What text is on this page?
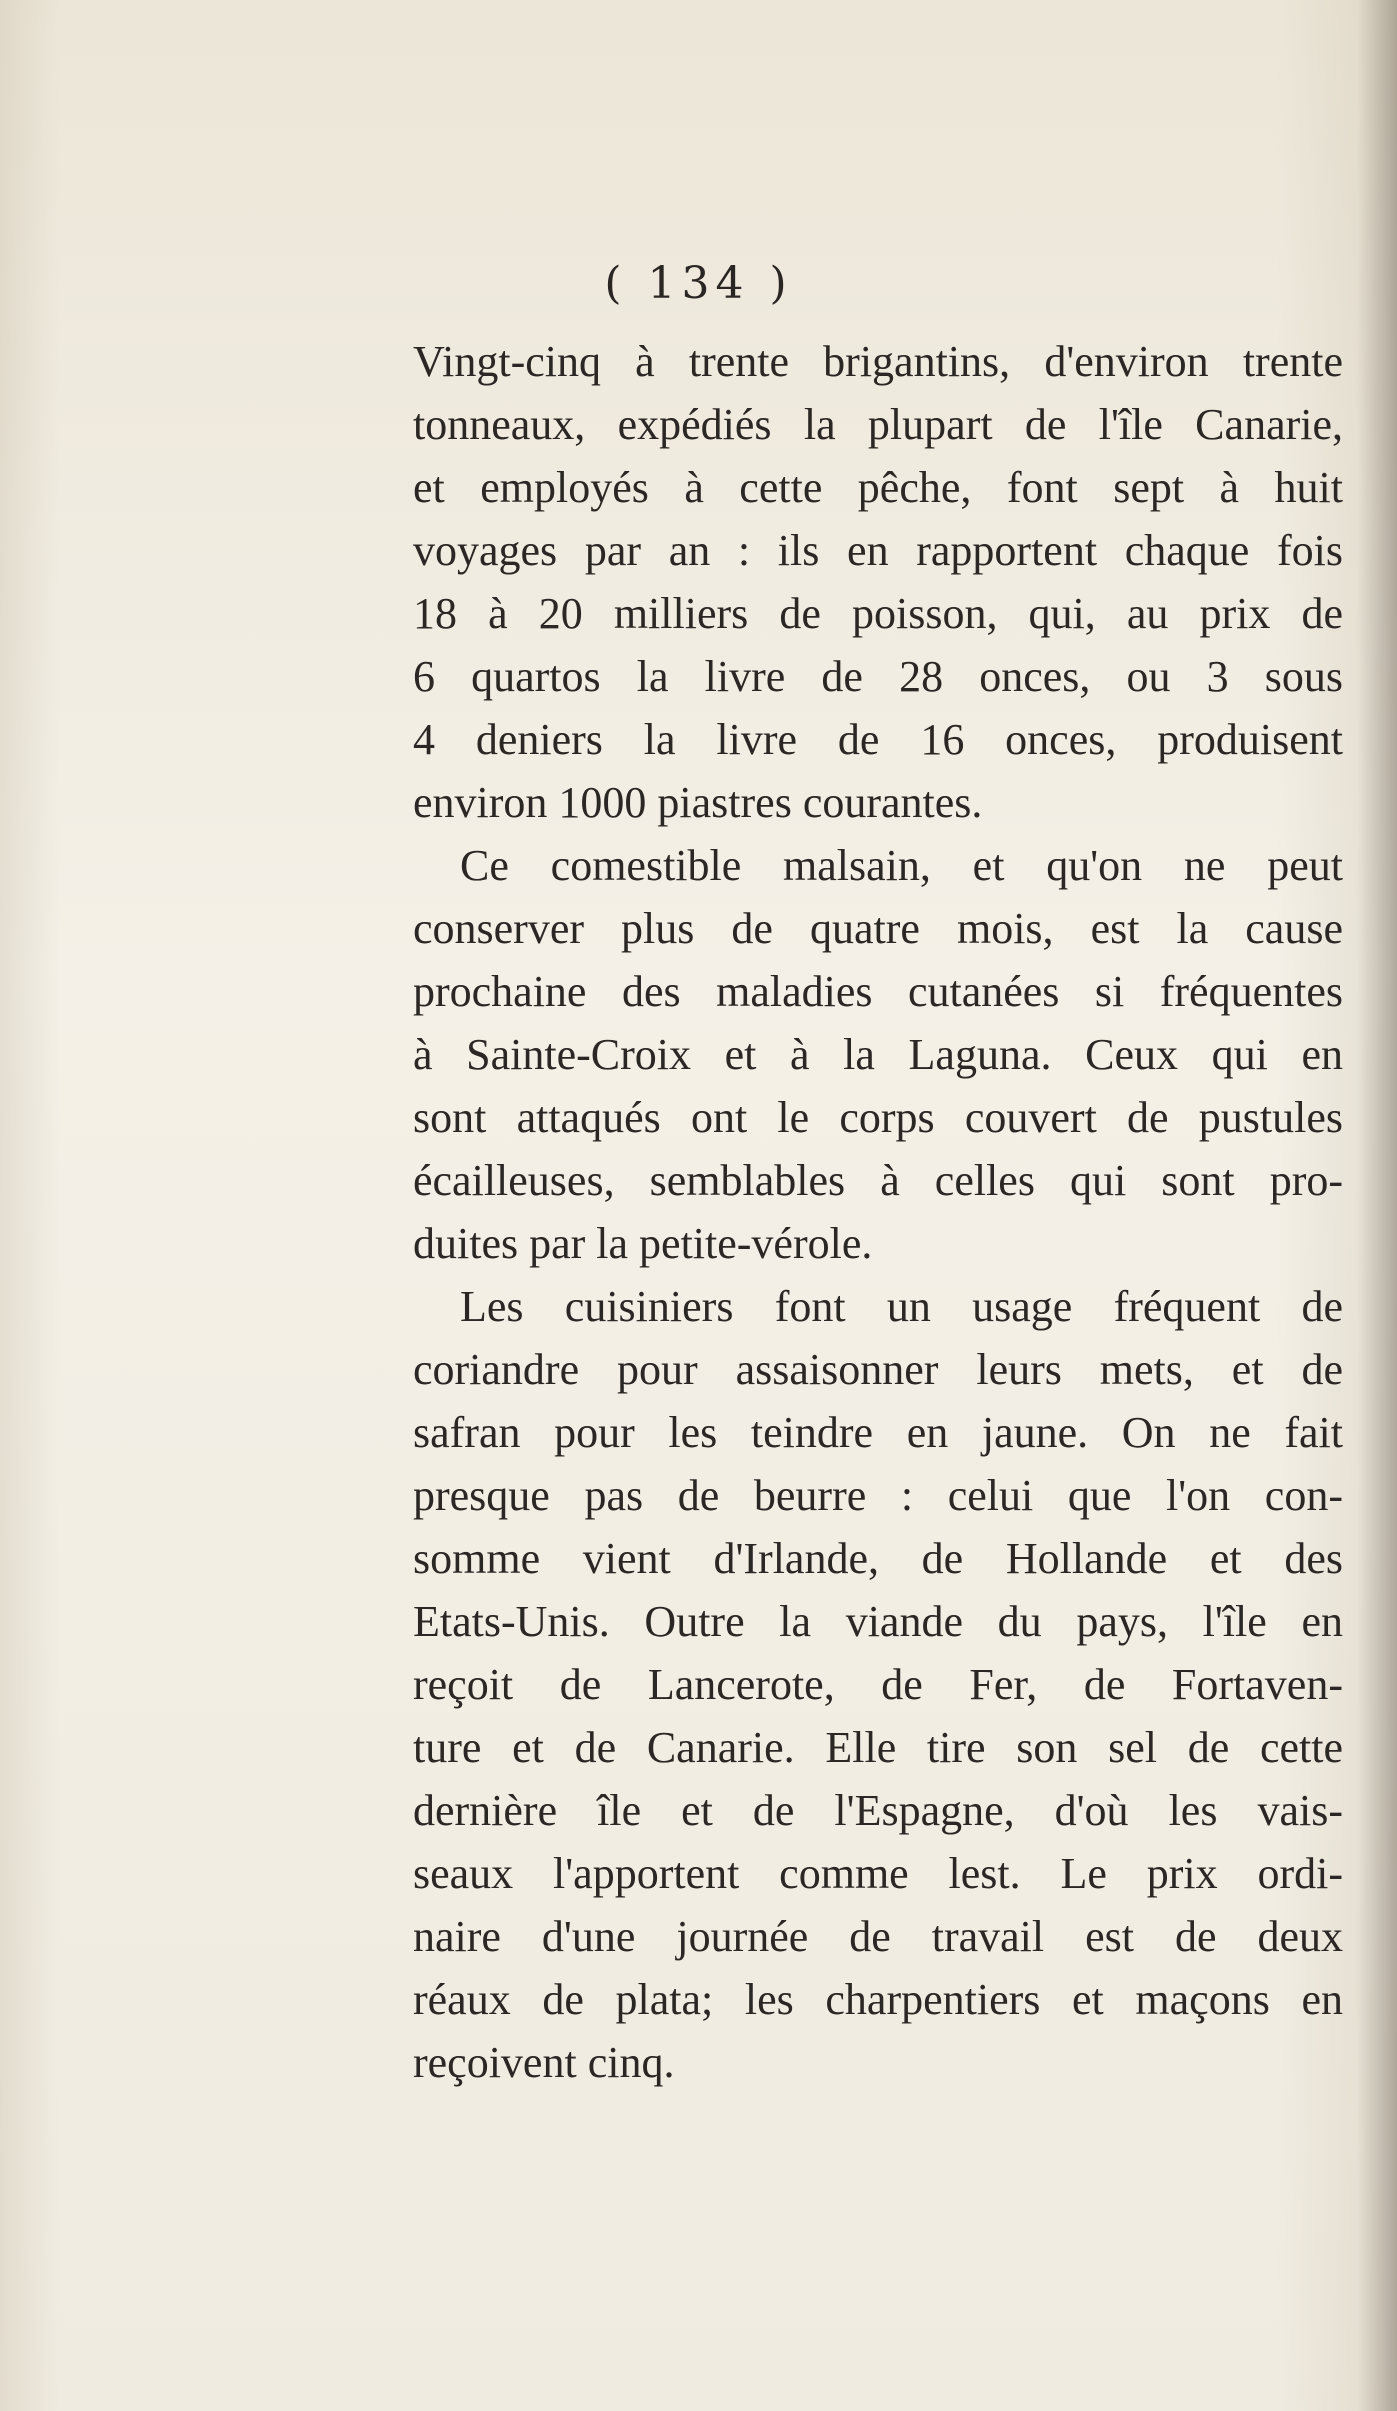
( 134 )
Vingt-cinq à trente brigantins, d'environ trente
tonneaux, expédiés la plupart de l'île Canarie,
et employés à cette pêche, font sept à huit
voyages par an : ils en rapportent chaque fois
18 à 20 milliers de poisson, qui, au prix de
6 quartos la livre de 28 onces, ou 3 sous
4 deniers la livre de 16 onces, produisent
environ 1000 piastres courantes.
Ce comestible malsain, et qu'on ne peut
conserver plus de quatre mois, est la cause
prochaine des maladies cutanées si fréquentes
à Sainte-Croix et à la Laguna. Ceux qui en
sont attaqués ont le corps couvert de pustules
écailleuses, semblables à celles qui sont pro-
duites par la petite-vérole.
Les cuisiniers font un usage fréquent de
coriandre pour assaisonner leurs mets, et de
safran pour les teindre en jaune. On ne fait
presque pas de beurre : celui que l'on con-
somme vient d'Irlande, de Hollande et des
Etats-Unis. Outre la viande du pays, l'île en
reçoit de Lancerote, de Fer, de Fortaven-
ture et de Canarie. Elle tire son sel de cette
dernière île et de l'Espagne, d'où les vais-
seaux l'apportent comme lest. Le prix ordi-
naire d'une journée de travail est de deux
réaux de plata; les charpentiers et maçons en
reçoivent cinq.
